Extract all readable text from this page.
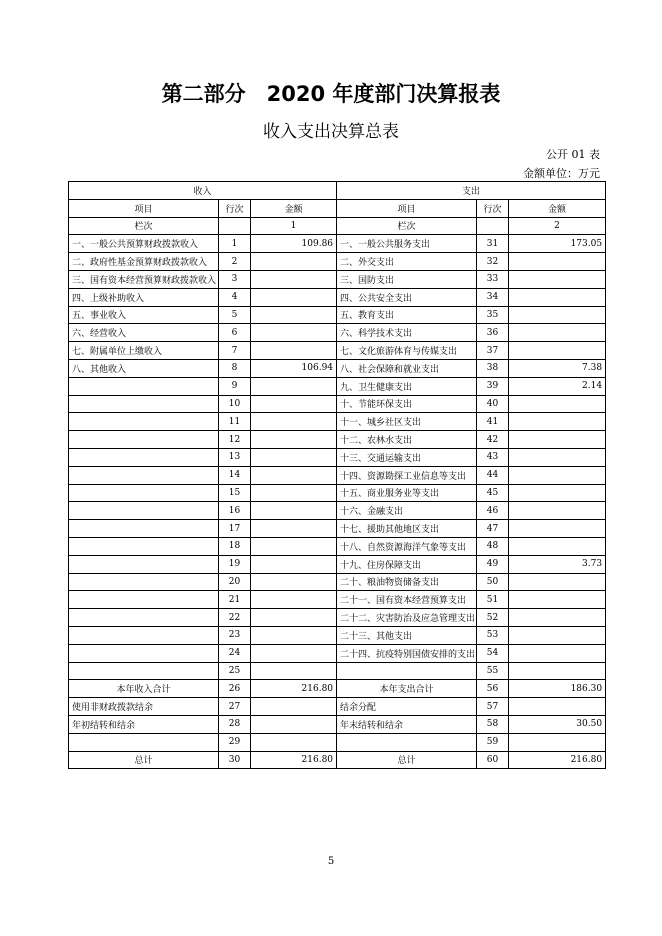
第二部分　2020 年度部门决算报表
收入支出决算总表
公开 01 表
金额单位：万元
收入			支出		
项目	行次	金额	项目	行次	金额
栏次		1	栏次		2
一、一般公共预算财政拨款收入	1	109.86	一、一般公共服务支出	31	173.05
二、政府性基金预算财政拨款收入	2		二、外交支出	32	
三、国有资本经营预算财政拨款收入	3		三、国防支出	33	
四、上级补助收入	4		四、公共安全支出	34	
五、事业收入	5		五、教育支出	35	
六、经营收入	6		六、科学技术支出	36	
七、附属单位上缴收入	7		七、文化旅游体育与传媒支出	37	
八、其他收入	8	106.94	八、社会保障和就业支出	38	7.38
	9		九、卫生健康支出	39	2.14
	10		十、节能环保支出	40	
	11		十一、城乡社区支出	41	
	12		十二、农林水支出	42	
	13		十三、交通运输支出	43	
	14		十四、资源勘探工业信息等支出	44	
	15		十五、商业服务业等支出	45	
	16		十六、金融支出	46	
	17		十七、援助其他地区支出	47	
	18		十八、自然资源海洋气象等支出	48	
	19		十九、住房保障支出	49	3.73
	20		二十、粮油物资储备支出	50	
	21		二十一、国有资本经营预算支出	51	
	22		二十二、灾害防治及应急管理支出	52	
	23		二十三、其他支出	53	
	24		二十四、抗疫特别国债安排的支出	54	
	25			55	
本年收入合计	26	216.80	本年支出合计	56	186.30
使用非财政拨款结余	27		结余分配	57	
年初结转和结余	28		年末结转和结余	58	30.50
	29			59	
总计	30	216.80	总计	60	216.80
5
